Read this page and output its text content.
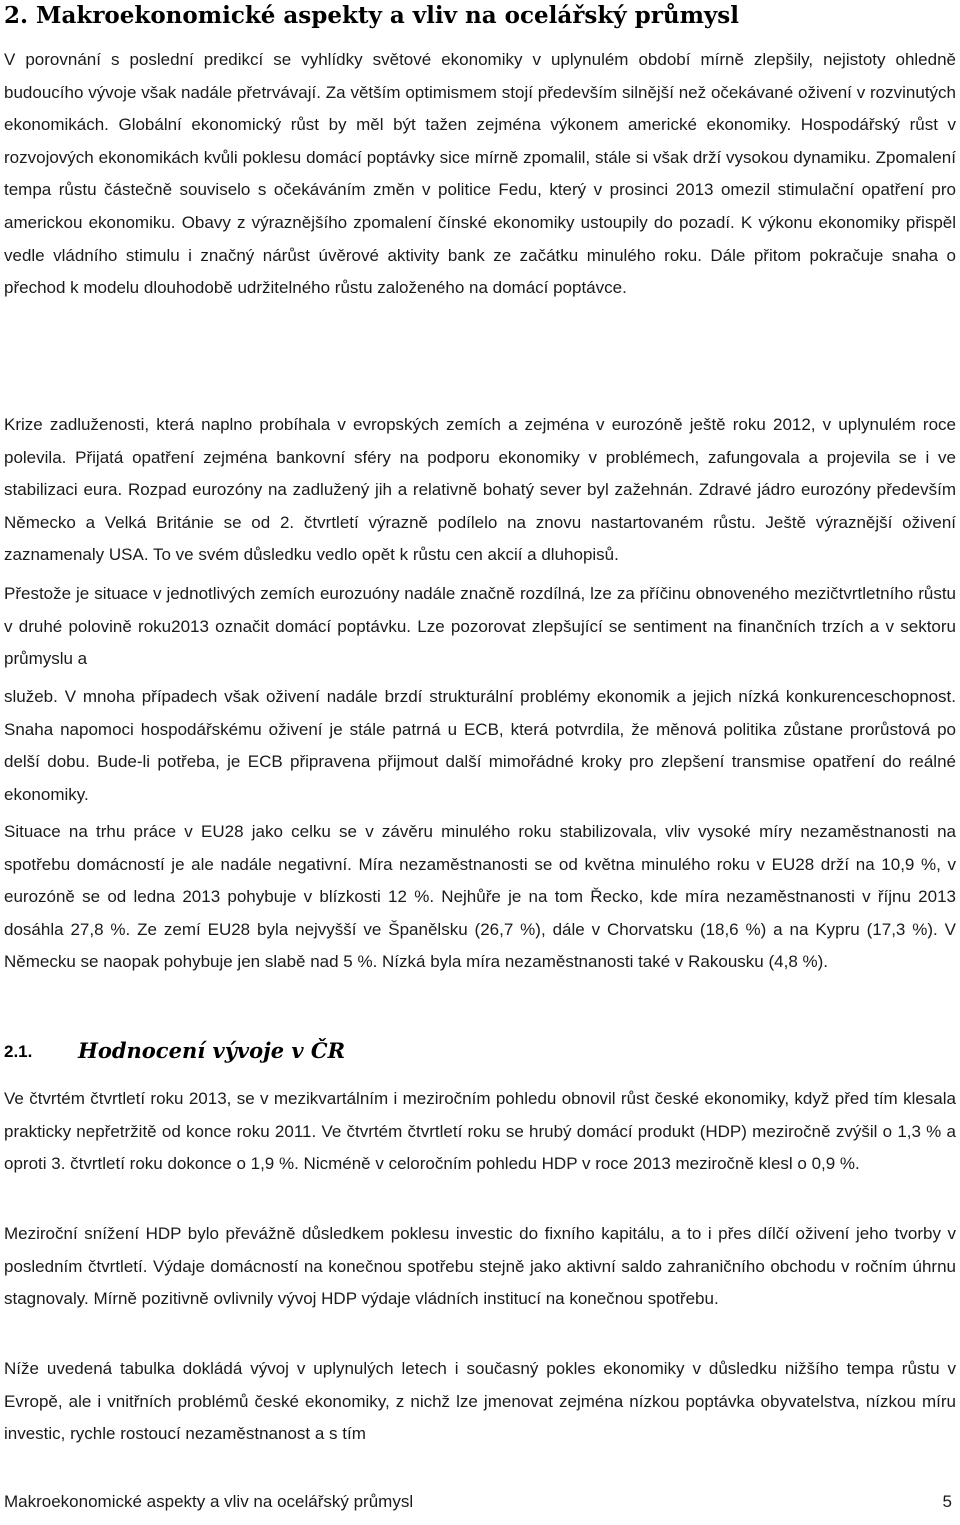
2. Makroekonomické aspekty a vliv na ocelářský průmysl

V porovnání s poslední predikcí se vyhlídky světové ekonomiky v uplynulém období mírně zlepšily, nejistoty ohledně budoucího vývoje však nadále přetrvávají. Za větším optimismem stojí především silnější než očekávané oživení v rozvinutých ekonomikách. Globální ekonomický růst by měl být tažen zejména výkonem americké ekonomiky. Hospodářský růst v rozvojových ekonomikách kvůli poklesu domácí poptávky sice mírně zpomalil, stále si však drží vysokou dynamiku. Zpomalení tempa růstu částečně souviselo s očekáváním změn v politice Fedu, který v prosinci 2013 omezil stimulační opatření pro americkou ekonomiku. Obavy z výraznějšího zpomalení čínské ekonomiky ustoupily do pozadí. K výkonu ekonomiky přispěl vedle vládního stimulu i značný nárůst úvěrové aktivity bank ze začátku minulého roku. Dále přitom pokračuje snaha o přechod k modelu dlouhodobě udržitelného růstu založeného na domácí poptávce.

Krize zadluženosti, která naplno probíhala v evropských zemích a zejména v eurozóně ještě roku 2012, v uplynulém roce polevila. Přijatá opatření zejména bankovní sféry na podporu ekonomiky v problémech, zafungovala a projevila se i ve stabilizaci eura. Rozpad eurozóny na zadlužený jih a relativně bohatý sever byl zažehnán. Zdravé jádro eurozóny především Německo a Velká Británie se od 2. čtvrtletí výrazně podílelo na znovu nastartovaném růstu. Ještě výraznější oživení zaznamenaly USA. To ve svém důsledku vedlo opět k růstu cen akcií a dluhopisů.

Přestože je situace v jednotlivých zemích eurozuóny nadále značně rozdílná, lze za příčinu obnoveného mezičtvrtletního růstu v druhé polovině roku2013 označit domácí poptávku. Lze pozorovat zlepšující se sentiment na finančních trzích a v sektoru průmyslu a

služeb. V mnoha případech však oživení nadále brzdí strukturální problémy ekonomik a jejich nízká konkurenceschopnost. Snaha napomoci hospodářskému oživení je stále patrná u ECB, která potvrdila, že měnová politika zůstane prorůstová po delší dobu. Bude-li potřeba, je ECB připravena přijmout další mimořádné kroky pro zlepšení transmise opatření do reálné ekonomiky.

Situace na trhu práce v EU28 jako celku se v závěru minulého roku stabilizovala, vliv vysoké míry nezaměstnanosti na spotřebu domácností je ale nadále negativní. Míra nezaměstnanosti se od května minulého roku v EU28 drží na 10,9 %, v eurozóně se od ledna 2013 pohybuje v blízkosti 12 %. Nejhůře je na tom Řecko, kde míra nezaměstnanosti v říjnu 2013 dosáhla 27,8 %. Ze zemí EU28 byla nejvyšší ve Španělsku (26,7 %), dále v Chorvatsku (18,6 %) a na Kypru (17,3 %). V Německu se naopak pohybuje jen slabě nad 5 %. Nízká byla míra nezaměstnanosti také v Rakousku (4,8 %).

2.1. Hodnocení vývoje v ČR

Ve čtvrtém čtvrtletí roku 2013, se v mezikvartálním i meziročním pohledu obnovil růst české ekonomiky, když před tím klesala prakticky nepřetržitě od konce roku 2011. Ve čtvrtém čtvrtletí roku se hrubý domácí produkt (HDP) meziročně zvýšil o 1,3 % a oproti 3. čtvrtletí roku dokonce o 1,9 %. Nicméně v celoročním pohledu HDP v roce 2013 meziročně klesl o 0,9 %.

Meziroční snížení HDP bylo převážně důsledkem poklesu investic do fixního kapitálu, a to i přes dílčí oživení jeho tvorby v posledním čtvrtletí. Výdaje domácností na konečnou spotřebu stejně jako aktivní saldo zahraničního obchodu v ročním úhrnu stagnovaly. Mírně pozitivně ovlivnily vývoj HDP výdaje vládních institucí na konečnou spotřebu.

Níže uvedená tabulka dokládá vývoj v uplynulých letech i současný pokles ekonomiky v důsledku nižšího tempa růstu v Evropě, ale i vnitřních problémů české ekonomiky, z nichž lze jmenovat zejména nízkou poptávka obyvatelstva, nízkou míru investic, rychle rostoucí nezaměstnanost a s tím

Makroekonomické aspekty a vliv na ocelářský průmysl	5
